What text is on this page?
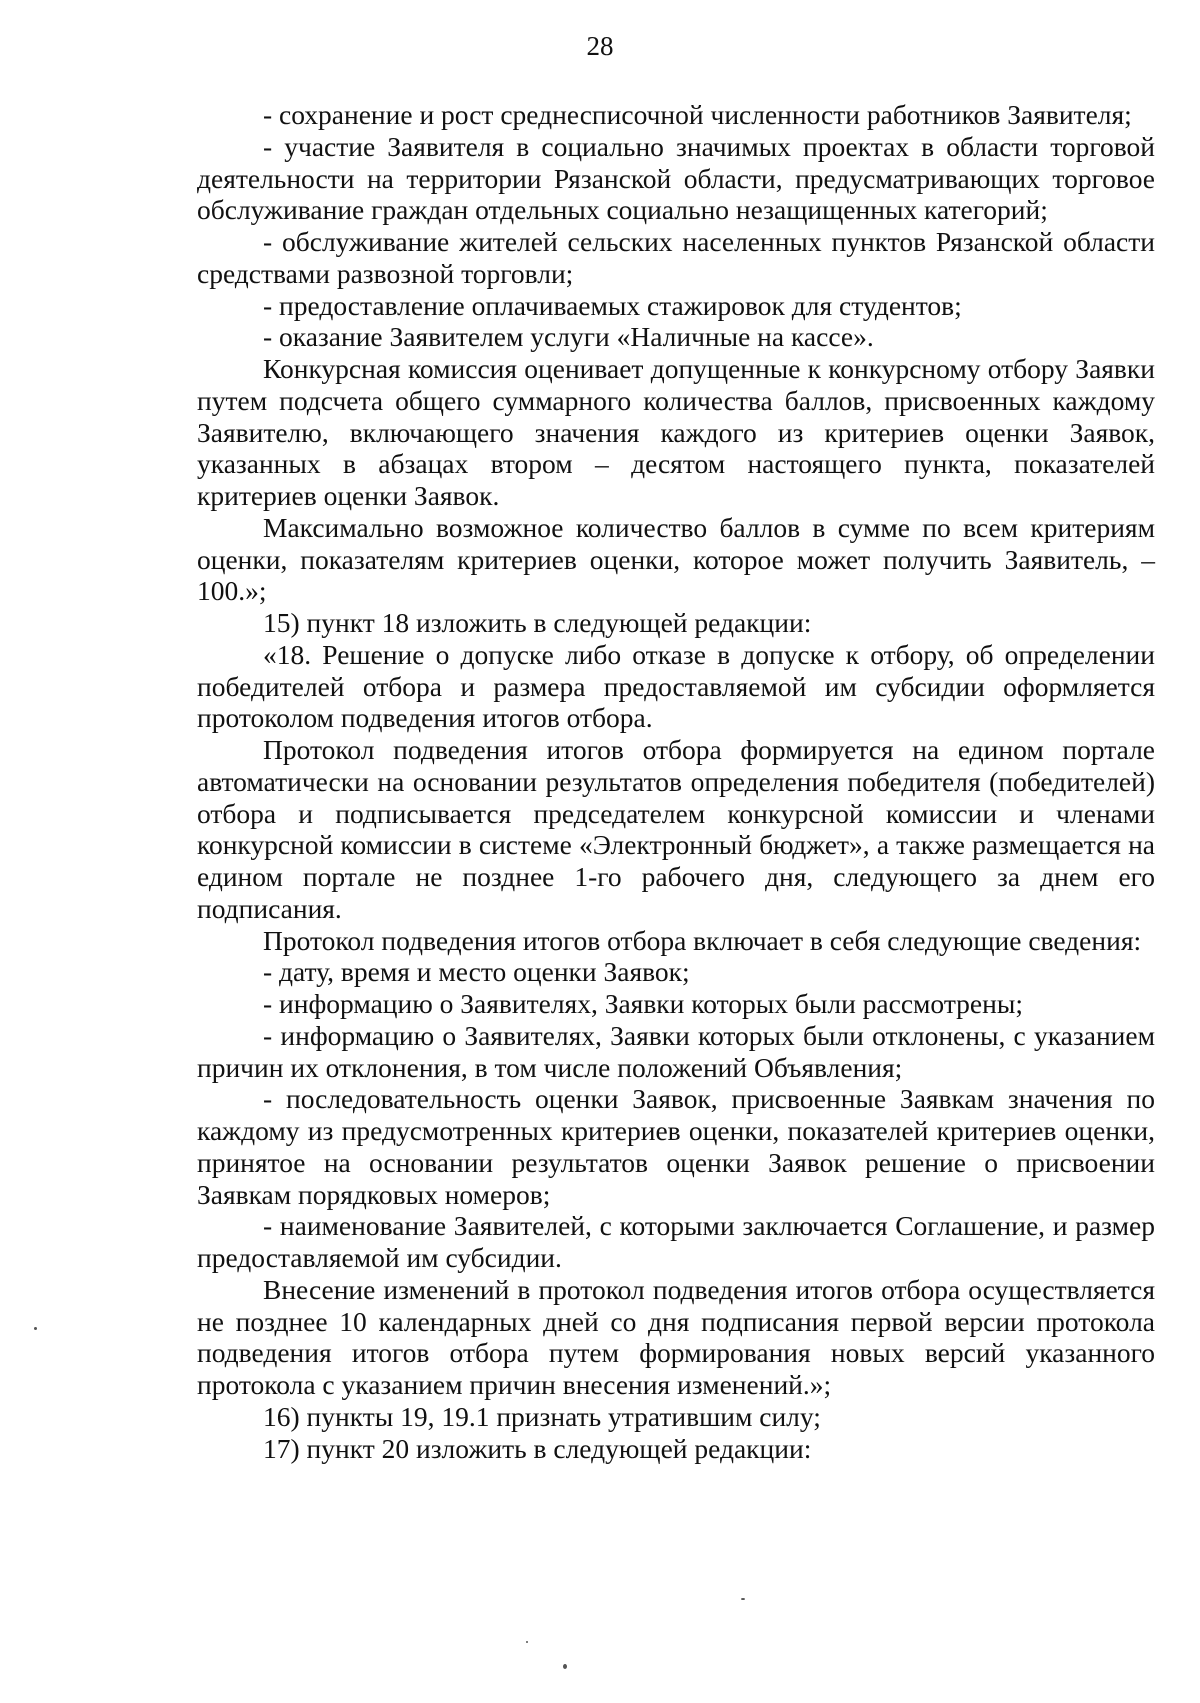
28

- сохранение и рост среднесписочной численности работников Заявителя;

- участие Заявителя в социально значимых проектах в области торговой деятельности на территории Рязанской области, предусматривающих торговое обслуживание граждан отдельных социально незащищенных категорий;

- обслуживание жителей сельских населенных пунктов Рязанской области средствами развозной торговли;

- предоставление оплачиваемых стажировок для студентов;

- оказание Заявителем услуги «Наличные на кассе».

Конкурсная комиссия оценивает допущенные к конкурсному отбору Заявки путем подсчета общего суммарного количества баллов, присвоенных каждому Заявителю, включающего значения каждого из критериев оценки Заявок, указанных в абзацах втором – десятом настоящего пункта, показателей критериев оценки Заявок.

Максимально возможное количество баллов в сумме по всем критериям оценки, показателям критериев оценки, которое может получить Заявитель, – 100.»;

15) пункт 18 изложить в следующей редакции:

«18. Решение о допуске либо отказе в допуске к отбору, об определении победителей отбора и размера предоставляемой им субсидии оформляется протоколом подведения итогов отбора.

Протокол подведения итогов отбора формируется на едином портале автоматически на основании результатов определения победителя (победителей) отбора и подписывается председателем конкурсной комиссии и членами конкурсной комиссии в системе «Электронный бюджет», а также размещается на едином портале не позднее 1-го рабочего дня, следующего за днем его подписания.

Протокол подведения итогов отбора включает в себя следующие сведения:

- дату, время и место оценки Заявок;

- информацию о Заявителях, Заявки которых были рассмотрены;

- информацию о Заявителях, Заявки которых были отклонены, с указанием причин их отклонения, в том числе положений Объявления;

- последовательность оценки Заявок, присвоенные Заявкам значения по каждому из предусмотренных критериев оценки, показателей критериев оценки, принятое на основании результатов оценки Заявок решение о присвоении Заявкам порядковых номеров;

- наименование Заявителей, с которыми заключается Соглашение, и размер предоставляемой им субсидии.

Внесение изменений в протокол подведения итогов отбора осуществляется не позднее 10 календарных дней со дня подписания первой версии протокола подведения итогов отбора путем формирования новых версий указанного протокола с указанием причин внесения изменений.»;

16) пункты 19, 19.1 признать утратившим силу;

17) пункт 20 изложить в следующей редакции:
